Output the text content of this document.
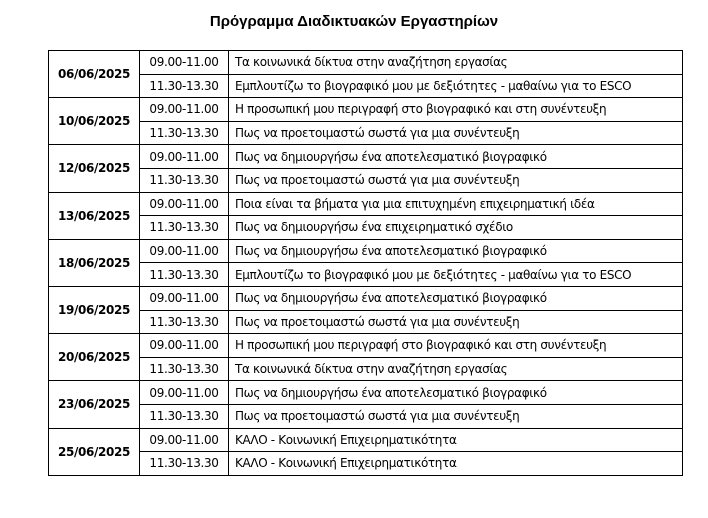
Πρόγραμμα Διαδικτυακών Εργαστηρίων
06/06/2025	09.00-11.00	Τα κοινωνικά δίκτυα στην αναζήτηση εργασίας
	11.30-13.30	Εμπλουτίζω το βιογραφικό μου με δεξιότητες - μαθαίνω για το ESCO
10/06/2025	09.00-11.00	Η προσωπική μου περιγραφή στο βιογραφικό και στη συνέντευξη
	11.30-13.30	Πως να προετοιμαστώ σωστά για μια συνέντευξη
12/06/2025	09.00-11.00	Πως να δημιουργήσω ένα αποτελεσματικό βιογραφικό
	11.30-13.30	Πως να προετοιμαστώ σωστά για μια συνέντευξη
13/06/2025	09.00-11.00	Ποια είναι τα βήματα για μια επιτυχημένη επιχειρηματική ιδέα
	11.30-13.30	Πως να δημιουργήσω ένα επιχειρηματικό σχέδιο
18/06/2025	09.00-11.00	Πως να δημιουργήσω ένα αποτελεσματικό βιογραφικό
	11.30-13.30	Εμπλουτίζω το βιογραφικό μου με δεξιότητες - μαθαίνω για το ESCO
19/06/2025	09.00-11.00	Πως να δημιουργήσω ένα αποτελεσματικό βιογραφικό
	11.30-13.30	Πως να προετοιμαστώ σωστά για μια συνέντευξη
20/06/2025	09.00-11.00	Η προσωπική μου περιγραφή στο βιογραφικό και στη συνέντευξη
	11.30-13.30	Τα κοινωνικά δίκτυα στην αναζήτηση εργασίας
23/06/2025	09.00-11.00	Πως να δημιουργήσω ένα αποτελεσματικό βιογραφικό
	11.30-13.30	Πως να προετοιμαστώ σωστά για μια συνέντευξη
25/06/2025	09.00-11.00	ΚΑΛΟ - Κοινωνική Επιχειρηματικότητα
	11.30-13.30	ΚΑΛΟ - Κοινωνική Επιχειρηματικότητα
